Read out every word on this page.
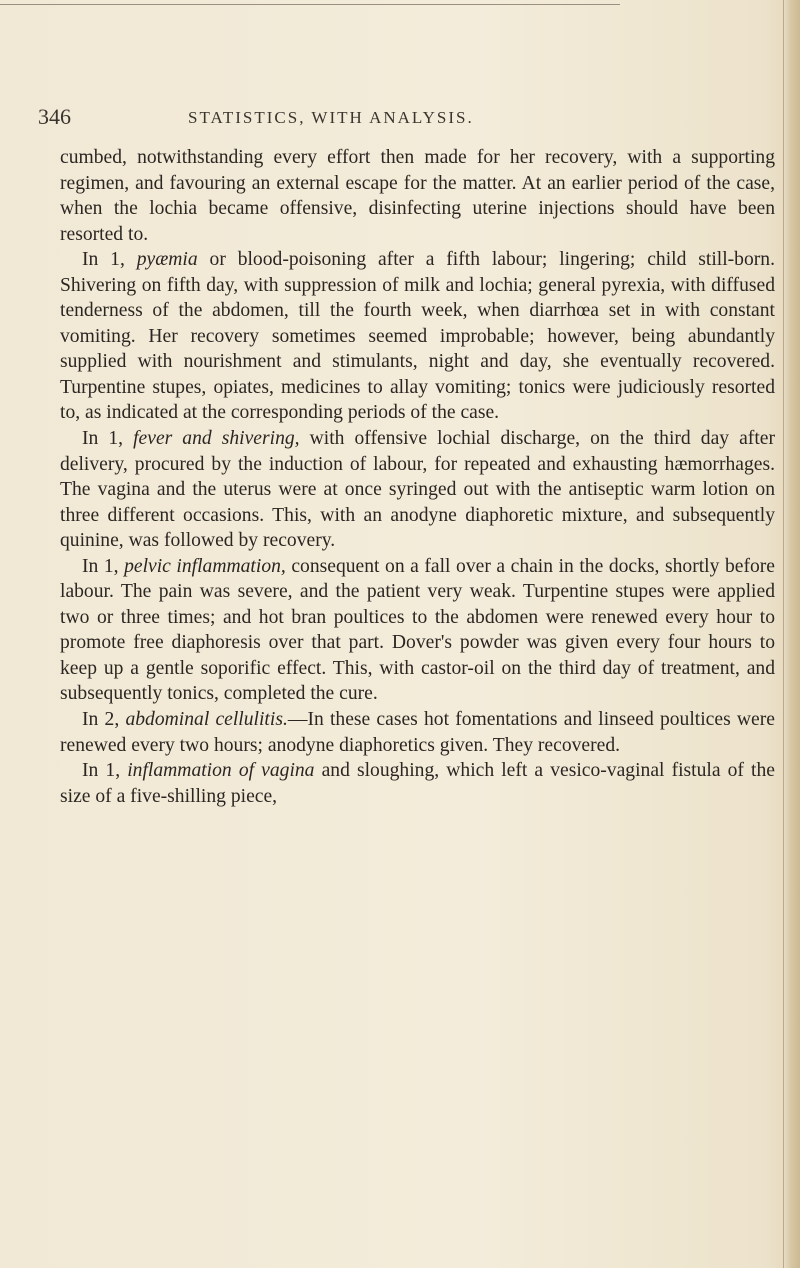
346	STATISTICS, WITH ANALYSIS.

cumbed, notwithstanding every effort then made for her recovery, with a supporting regimen, and favouring an external escape for the matter. At an earlier period of the case, when the lochia became offensive, disinfecting uterine injections should have been resorted to.

In 1, pyæmia or blood-poisoning after a fifth labour; lingering; child still-born. Shivering on fifth day, with suppression of milk and lochia; general pyrexia, with diffused tenderness of the abdomen, till the fourth week, when diarrhœa set in with constant vomiting. Her recovery sometimes seemed improbable; however, being abundantly supplied with nourishment and stimulants, night and day, she eventually recovered. Turpentine stupes, opiates, medicines to allay vomiting; tonics were judiciously resorted to, as indicated at the corresponding periods of the case.

In 1, fever and shivering, with offensive lochial discharge, on the third day after delivery, procured by the induction of labour, for repeated and exhausting hæmorrhages. The vagina and the uterus were at once syringed out with the antiseptic warm lotion on three different occasions. This, with an anodyne diaphoretic mixture, and subsequently quinine, was followed by recovery.

In 1, pelvic inflammation, consequent on a fall over a chain in the docks, shortly before labour. The pain was severe, and the patient very weak. Turpentine stupes were applied two or three times; and hot bran poultices to the abdomen were renewed every hour to promote free diaphoresis over that part. Dover's powder was given every four hours to keep up a gentle soporific effect. This, with castor-oil on the third day of treatment, and subsequently tonics, completed the cure.

In 2, abdominal cellulitis.—In these cases hot fomentations and linseed poultices were renewed every two hours; anodyne diaphoretics given. They recovered.

In 1, inflammation of vagina and sloughing, which left a vesico-vaginal fistula of the size of a five-shilling piece,
